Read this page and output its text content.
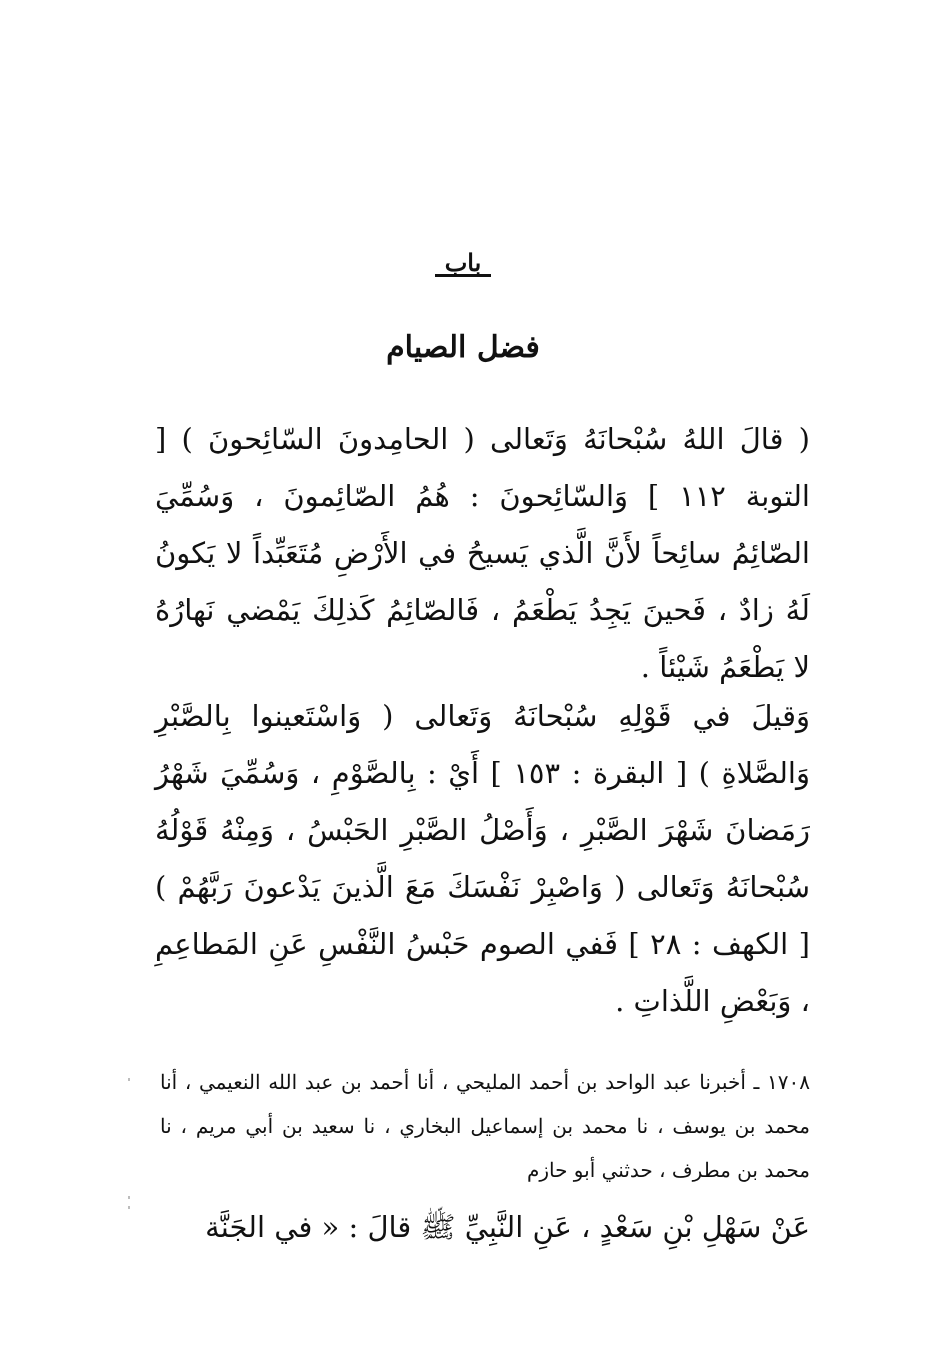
باب
فضل الصيام
( قالَ اللهُ سُبْحانَهُ وَتَعالى ( الحامِدونَ السّائِحونَ ) [ التوبة ١١٢ ] وَالسّائِحونَ : هُمُ الصّائِمونَ ، وَسُمِّيَ الصّائِمُ سائِحاً لأَنَّ الَّذي يَسيحُ في الأَرْضِ مُتَعَبِّداً لا يَكونُ لَهُ زادٌ ، فَحينَ يَجِدُ يَطْعَمُ ، فَالصّائِمُ كَذلِكَ يَمْضي نَهارُهُ لا يَطْعَمُ شَيْئاً .
وَقيلَ في قَوْلِهِ سُبْحانَهُ وَتَعالى ( وَاسْتَعينوا بِالصَّبْرِ وَالصَّلاةِ ) [ البقرة : ١٥٣ ] أَيْ : بِالصَّوْمِ ، وَسُمِّيَ شَهْرُ رَمَضانَ شَهْرَ الصَّبْرِ ، وَأَصْلُ الصَّبْرِ الحَبْسُ ، وَمِنْهُ قَوْلُهُ سُبْحانَهُ وَتَعالى ( وَاصْبِرْ نَفْسَكَ مَعَ الَّذينَ يَدْعونَ رَبَّهُمْ ) [ الكهف : ٢٨ ] فَفي الصوم حَبْسُ النَّفْسِ عَنِ المَطاعِمِ ، وَبَعْضِ اللَّذاتِ .
١٧٠٨ ـ أخبرنا عبد الواحد بن أحمد المليحي ، أنا أحمد بن عبد الله النعيمي ، أنا محمد بن يوسف ، نا محمد بن إسماعيل البخاري ، نا سعيد بن أبي مريم ، نا محمد بن مطرف ، حدثني أبو حازم
عَنْ سَهْلِ بْنِ سَعْدٍ ، عَنِ النَّبِيِّ ﷺ قالَ : « في الجَنَّة
